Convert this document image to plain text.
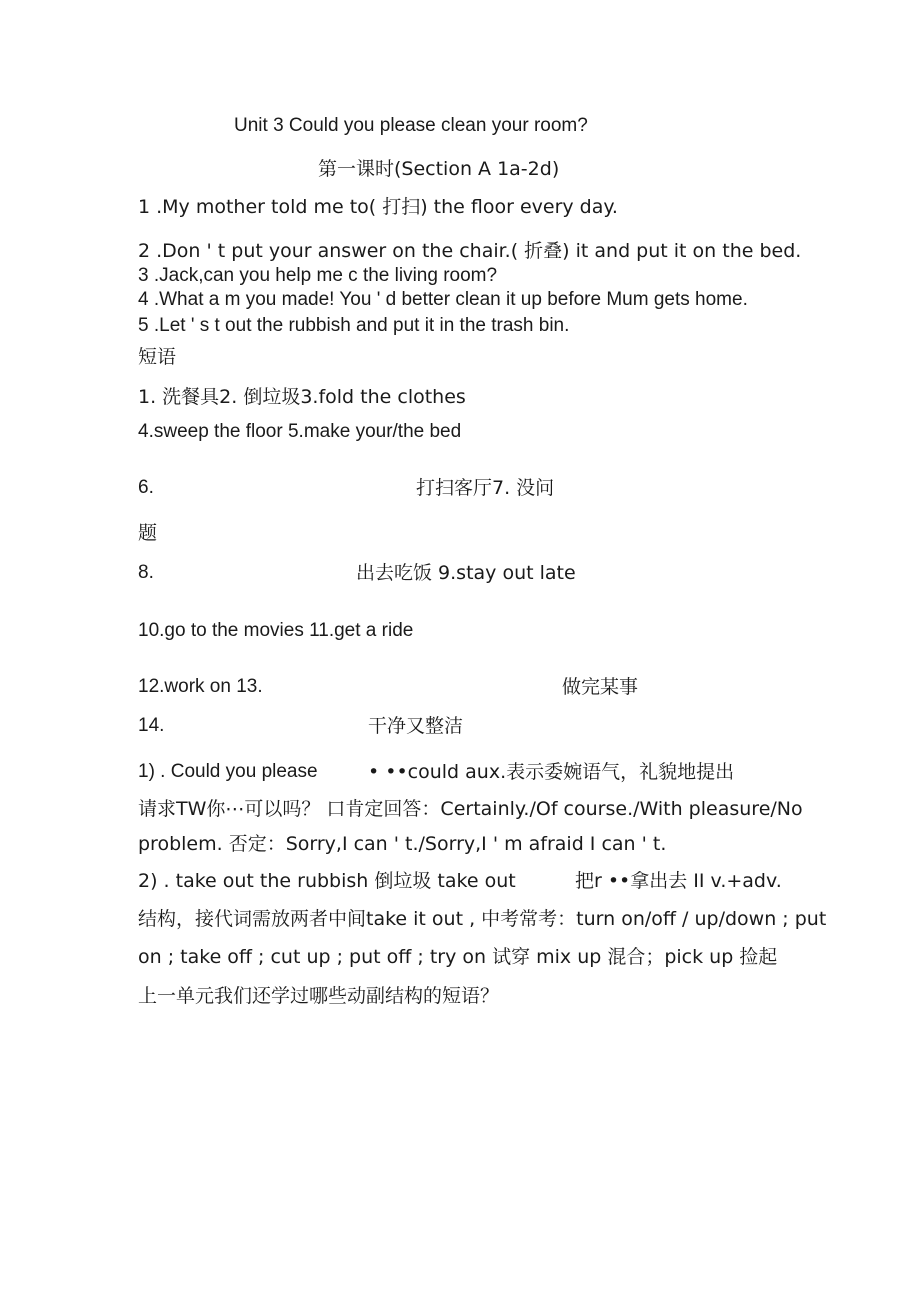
Unit 3 Could you please clean your room?
第一课时(Section A 1a-2d)
1 .My mother told me to( 打扫) the floor every day.
2 .Don ' t put your answer on the chair.( 折叠) it and put it on the bed.
3 .Jack,can you help me c the living room?
4 .What a m you made! You ' d better clean it up before Mum gets home.
5 .Let ' s t out the rubbish and put it in the trash bin.
短语
1. 洗餐具2. 倒垃圾3.fold the clothes
4.sweep the floor 5.make your/the bed
6.	打扫客厅7. 没问
题
8.	出去吃饭 9.stay out late
10.go to the movies 11.get a ride
12.work on 13.	做完某事
14.	干净又整洁
1) . Could you please	• ••could aux.表示委婉语气，礼貌地提出
请求TW你⋯可以吗？ 口肯定回答：Certainly./Of course./With pleasure/No
problem. 否定：Sorry,I can ' t./Sorry,I ' m afraid I can ' t.
2) . take out the rubbish 倒垃圾 take out	把r ••拿出去 II v.+adv.
结构，接代词需放两者中间take it out , 中考常考：turn on/off / up/down ; put
on ; take off ; cut up ; put off ; try on 试穿 mix up 混合；pick up 捡起
上一单元我们还学过哪些动副结构的短语？
